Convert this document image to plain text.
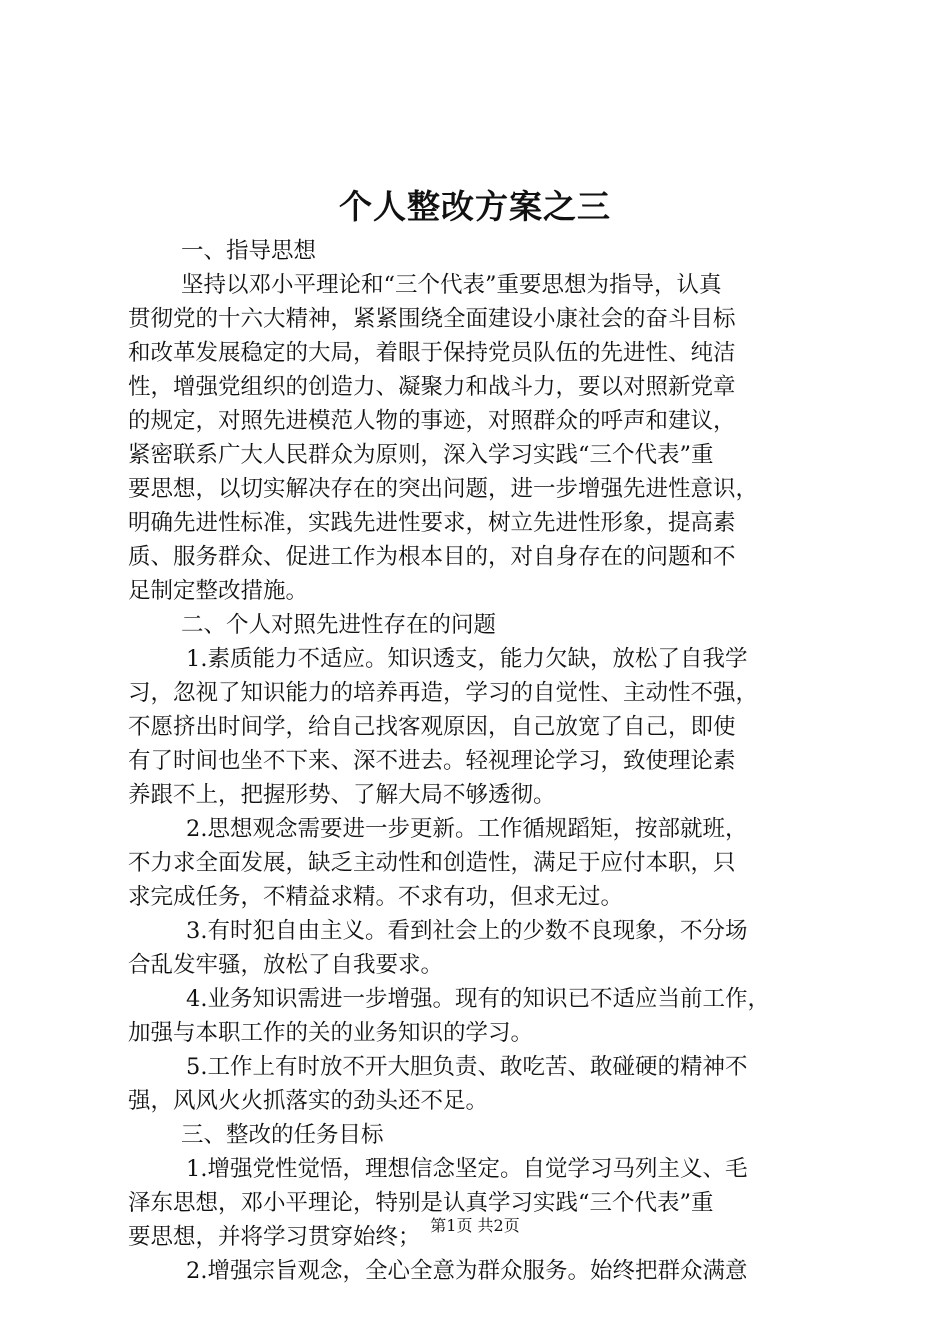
个人整改方案之三

一、指导思想

坚持以邓小平理论和“三个代表”重要思想为指导，认真

贯彻党的十六大精神，紧紧围绕全面建设小康社会的奋斗目标

和改革发展稳定的大局，着眼于保持党员队伍的先进性、纯洁

性，增强党组织的创造力、凝聚力和战斗力，要以对照新党章

的规定，对照先进模范人物的事迹，对照群众的呼声和建议，

紧密联系广大人民群众为原则，深入学习实践“三个代表”重

要思想，以切实解决存在的突出问题，进一步增强先进性意识，

明确先进性标准，实践先进性要求，树立先进性形象，提高素

质、服务群众、促进工作为根本目的，对自身存在的问题和不

足制定整改措施。

二、个人对照先进性存在的问题

1.素质能力不适应。知识透支，能力欠缺，放松了自我学

习，忽视了知识能力的培养再造，学习的自觉性、主动性不强，

不愿挤出时间学，给自己找客观原因，自己放宽了自己，即使

有了时间也坐不下来、深不进去。轻视理论学习，致使理论素

养跟不上，把握形势、了解大局不够透彻。

2.思想观念需要进一步更新。工作循规蹈矩，按部就班，

不力求全面发展，缺乏主动性和创造性，满足于应付本职，只

求完成任务，不精益求精。不求有功，但求无过。

3.有时犯自由主义。看到社会上的少数不良现象，不分场

合乱发牢骚，放松了自我要求。

4.业务知识需进一步增强。现有的知识已不适应当前工作，

加强与本职工作的关的业务知识的学习。

5.工作上有时放不开大胆负责、敢吃苦、敢碰硬的精神不

强，风风火火抓落实的劲头还不足。

三、整改的任务目标

1.增强党性觉悟，理想信念坚定。自觉学习马列主义、毛

泽东思想，邓小平理论，特别是认真学习实践“三个代表”重

要思想，并将学习贯穿始终；

2.增强宗旨观念，全心全意为群众服务。始终把群众满意

第1页 共2页
